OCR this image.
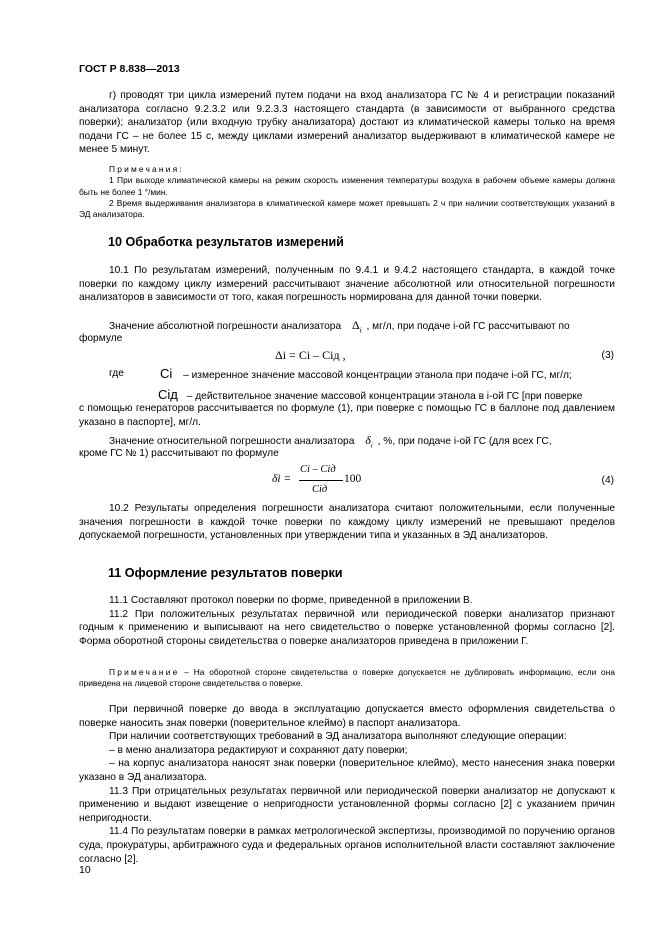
ГОСТ Р 8.838—2013

г) проводят три цикла измерений путем подачи на вход анализатора ГС № 4 и регистрации показаний анализатора согласно 9.2.3.2 или 9.2.3.3 настоящего стандарта (в зависимости от выбранного средства поверки); анализатор (или входную трубку анализатора) достают из климатической камеры только на время подачи ГС – не более 15 с, между циклами измерений анализатор выдерживают в климатической камере не менее 5 минут.

Примечания:

1 При выходе климатической камеры на режим скорость изменения температуры воздуха в рабочем объеме камеры должна быть не более 1 °/мин.

2 Время выдерживания анализатора в климатической камере может превышать 2 ч при наличии соответствующих указаний в ЭД анализатора.

10 Обработка результатов измерений

10.1 По результатам измерений, полученным по 9.4.1 и 9.4.2 настоящего стандарта, в каждой точке поверки по каждому циклу измерений рассчитывают значение абсолютной или относительной погрешности анализаторов в зависимости от того, какая погрешность нормирована для данной точки поверки.

Значение абсолютной погрешности анализатора $\Delta_i$ , мг/л, при подаче i-ой ГС рассчитывают по
формуле
Δi = Ci – Ciд ,	(3)
где	Ci – измеренное значение массовой концентрации этанола при подаче i-ой ГС, мг/л;
Ciд – действительное значение массовой концентрации этанола в i-ой ГС [при поверке

с помощью генераторов рассчитывается по формуле (1), при поверке с помощью ГС в баллоне под давлением указано в паспорте], мг/л.

Значение относительной погрешности анализатора $\delta_i$ , %, при подаче i-ой ГС (для всех ГС,
кроме ГС № 1) рассчитывают по формуле
δi =
Ci – Ciд
Ciд
100	(4)

10.2 Результаты определения погрешности анализатора считают положительными, если полученные значения погрешности в каждой точке поверки по каждому циклу измерений не превышают пределов допускаемой погрешности, установленных при утверждении типа и указанных в ЭД анализаторов.

11 Оформление результатов поверки

11.1 Составляют протокол поверки по форме, приведенной в приложении В.

11.2 При положительных результатах первичной или периодической поверки анализатор признают годным к применению и выписывают на него свидетельство о поверке установленной формы согласно [2]. Форма оборотной стороны свидетельства о поверке анализаторов приведена в приложении Г.

Примечание – На оборотной стороне свидетельства о поверке допускается не дублировать информацию, если она приведена на лицевой стороне свидетельства о поверке.

При первичной поверке до ввода в эксплуатацию допускается вместо оформления свидетельства о поверке наносить знак поверки (поверительное клеймо) в паспорт анализатора.

При наличии соответствующих требований в ЭД анализатора выполняют следующие операции:

– в меню анализатора редактируют и сохраняют дату поверки;

– на корпус анализатора наносят знак поверки (поверительное клеймо), место нанесения знака поверки указано в ЭД анализатора.

11.3 При отрицательных результатах первичной или периодической поверки анализатор не допускают к применению и выдают извещение о непригодности установленной формы согласно [2] с указанием причин непригодности.

11.4 По результатам поверки в рамках метрологической экспертизы, производимой по поручению органов суда, прокуратуры, арбитражного суда и федеральных органов исполнительной власти составляют заключение согласно [2].

10
